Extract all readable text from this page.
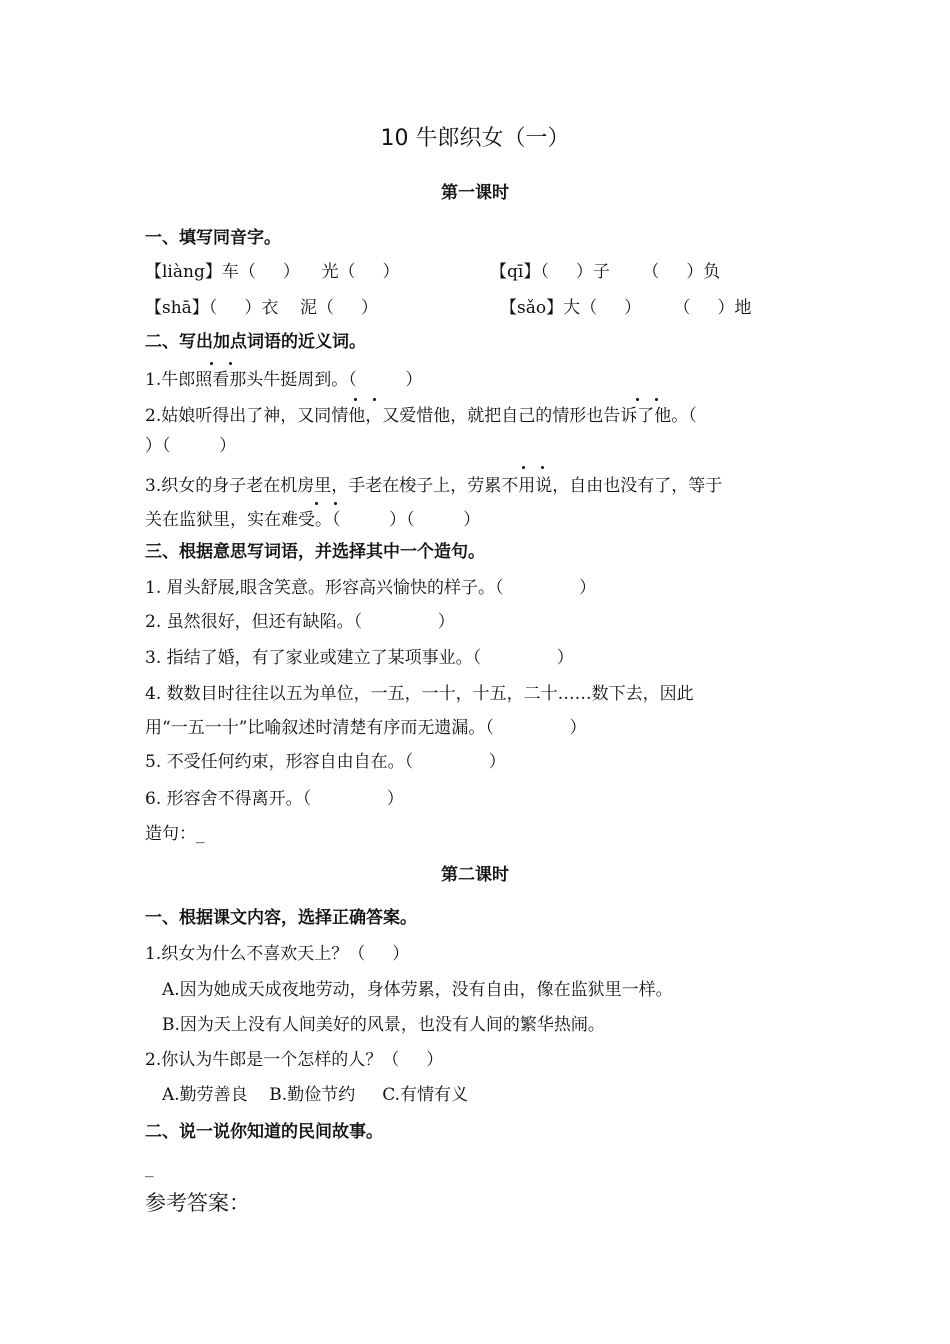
10 牛郎织女（一）
第一课时
一、填写同音字。
【liàng】车（     ）    光（     ）	【qī】（     ）子      （     ）负
【shā】（     ）衣    泥（     ）	【sǎo】大（     ）      （     ）地
二、写出加点词语的近义词。
1.牛郎照看那头牛挺周到。（         ）
2.姑娘听得出了神，又同情他，又爱惜他，就把自己的情形也告诉了他。（
）（         ）
3.织女的身子老在机房里，手老在梭子上，劳累不用说，自由也没有了，等于
关在监狱里，实在难受。（         ）（         ）
三、根据意思写词语，并选择其中一个造句。
1. 眉头舒展,眼含笑意。形容高兴愉快的样子。（              ）
2. 虽然很好，但还有缺陷。（              ）
3. 指结了婚，有了家业或建立了某项事业。（              ）
4. 数数目时往往以五为单位，一五，一十，十五，二十……数下去，因此
用“一五一十”比喻叙述时清楚有序而无遗漏。（              ）
5. 不受任何约束，形容自由自在。（              ）
6. 形容舍不得离开。（              ）
造句：_
第二课时
一、根据课文内容，选择正确答案。
1.织女为什么不喜欢天上？（     ）
A.因为她成天成夜地劳动，身体劳累，没有自由，像在监狱里一样。
B.因为天上没有人间美好的风景，也没有人间的繁华热闹。
2.你认为牛郎是一个怎样的人？（     ）
A.勤劳善良    B.勤俭节约     C.有情有义
二、说一说你知道的民间故事。
_
参考答案：
